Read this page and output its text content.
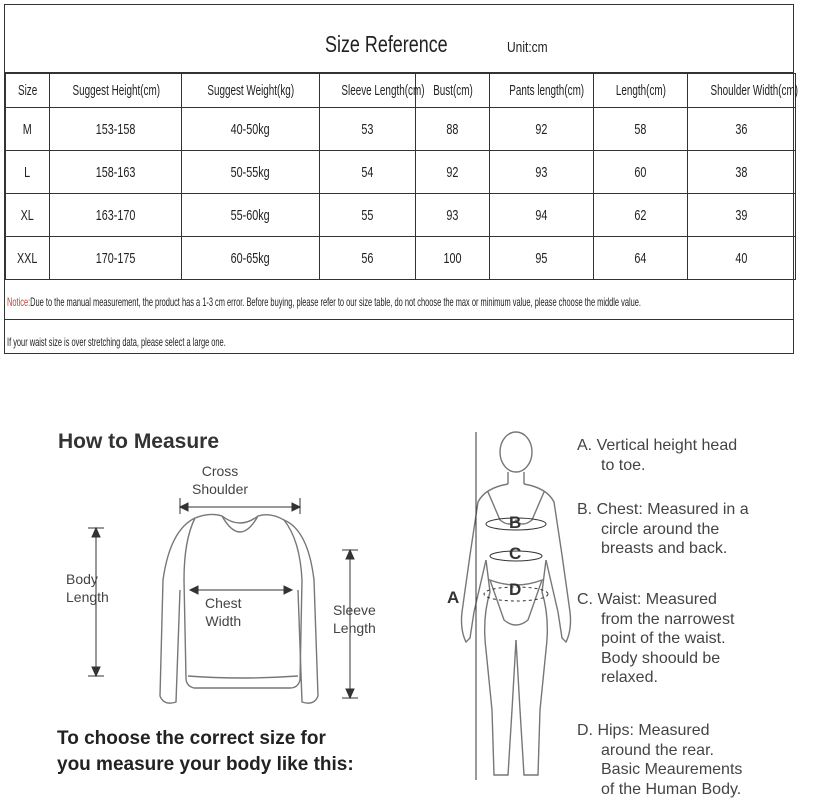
Size Reference	Unit:cm
Size	Suggest Height(cm)	Suggest Weight(kg)	Sleeve Length(cm)	Bust(cm)	Pants length(cm)	Length(cm)	Shoulder Width(cm)
M	153-158	40-50kg	53	88	92	58	36
L	158-163	50-55kg	54	92	93	60	38
XL	163-170	55-60kg	55	93	94	62	39
XXL	170-175	60-65kg	56	100	95	64	40
Notice:Due to the manual measurement, the product has a 1-3 cm error. Before buying, please refer to our size table, do not choose the max or minimum value, please choose the middle value.
If your waist size is over stretching data, please select a large one.
How to Measure
Cross
Shoulder
Body
Length	Chest
Width
Sleeve
Length
A
B
C
D
To choose the correct size for
you measure your body like this:
A. Vertical height head
to toe.
B. Chest: Measured in a
circle around the
breasts and back.
C. Waist: Measured
from the narrowest
point of the waist.
Body shoould be
relaxed.
D. Hips: Measured
around the rear.
Basic Meaurements
of the Human Body.
